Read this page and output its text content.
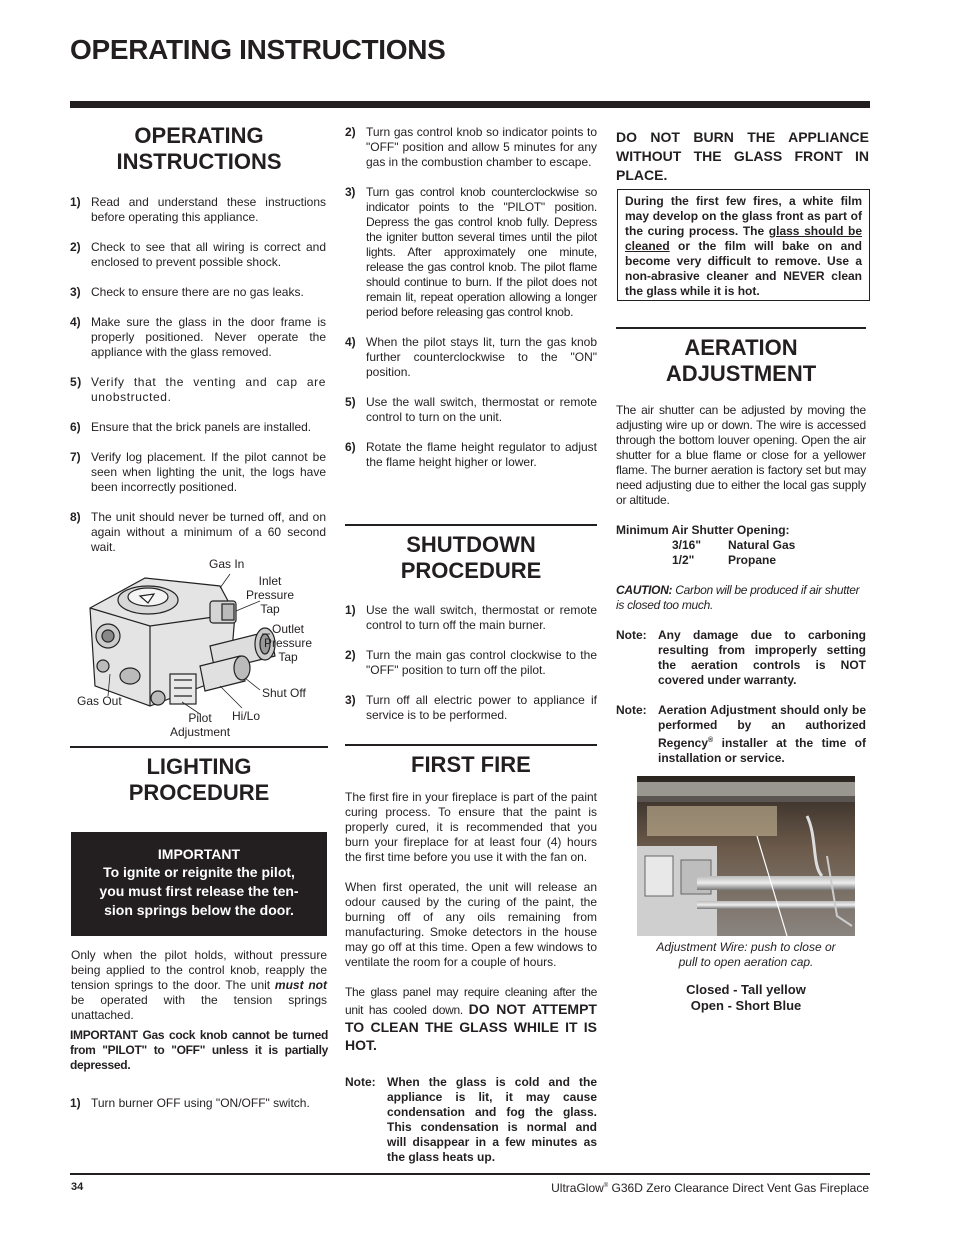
OPERATING INSTRUCTIONS
OPERATING
INSTRUCTIONS
1) Read and understand these instructions before operating this appliance.
2) Check to see that all wiring is correct and enclosed to prevent possible shock.
3) Check to ensure there are no gas leaks.
4) Make sure the glass in the door frame is properly positioned. Never operate the appliance with the glass removed.
5) Verify that the venting and cap are unobstructed.
6) Ensure that the brick panels are installed.
7) Verify log placement. If the pilot cannot be seen when lighting the unit, the logs have been incorrectly positioned.
8) The unit should never be turned off, and on again without a minimum of a 60 second wait.
Gas In
Inlet
Pressure
Tap
Outlet
Pressure
Tap
Shut Off
Gas Out
Pilot
Adjustment
Hi/Lo
LIGHTING
PROCEDURE
IMPORTANT
To ignite or reignite the pilot,
you must first release the ten-
sion springs below the door.
Only when the pilot holds, without pressure being applied to the control knob, reapply the tension springs to the door. The unit must not be operated with the tension springs unattached.
IMPORTANT Gas cock knob cannot be turned from "PILOT" to "OFF" unless it is partially depressed.
1) Turn burner OFF using "ON/OFF" switch.
2) Turn gas control knob so indicator points to "OFF" position and allow 5 minutes for any gas in the combustion chamber to escape.
3) Turn gas control knob counterclockwise so indicator points to the "PILOT" position. Depress the gas control knob fully. Depress the igniter button several times until the pilot lights. After approximately one minute, release the gas control knob. The pilot flame should continue to burn. If the pilot does not remain lit, repeat operation allowing a longer period before releasing gas control knob.
4) When the pilot stays lit, turn the gas knob further counterclockwise to the "ON" position.
5) Use the wall switch, thermostat or remote control to turn on the unit.
6) Rotate the flame height regulator to adjust the flame height higher or lower.
SHUTDOWN
PROCEDURE
1) Use the wall switch, thermostat or remote control to turn off the main burner.
2) Turn the main gas control clockwise to the "OFF" position to turn off the pilot.
3) Turn off all electric power to appliance if service is to be performed.
FIRST FIRE
The first fire in your fireplace is part of the paint curing process. To ensure that the paint is properly cured, it is recommended that you burn your fireplace for at least four (4) hours the first time before you use it with the fan on.
When first operated, the unit will release an odour caused by the curing of the paint, the burning off of any oils remaining from manufacturing. Smoke detectors in the house may go off at this time. Open a few windows to ventilate the room for a couple of hours.
The glass panel may require cleaning after the unit has cooled down. DO NOT ATTEMPT TO CLEAN THE GLASS WHILE IT IS HOT.
Note: When the glass is cold and the appliance is lit, it may cause condensation and fog the glass. This condensation is normal and will disappear in a few minutes as the glass heats up.
DO NOT BURN THE APPLIANCE WITHOUT THE GLASS FRONT IN PLACE.
During the first few fires, a white film may develop on the glass front as part of the curing process. The glass should be cleaned or the film will bake on and become very difficult to remove. Use a non-abrasive cleaner and NEVER clean the glass while it is hot.
AERATION
ADJUSTMENT
The air shutter can be adjusted by moving the adjusting wire up or down. The wire is accessed through the bottom louver opening. Open the air shutter for a blue flame or close for a yellower flame. The burner aeration is factory set but may need adjusting due to either the local gas supply or altitude.
Minimum Air Shutter Opening:
3/16"	Natural Gas
1/2"	Propane
CAUTION: Carbon will be produced if air shutter is closed too much.
Note: Any damage due to carboning resulting from improperly setting the aeration controls is NOT covered under warranty.
Note: Aeration Adjustment should only be performed by an authorized Regency® installer at the time of installation or service.
Adjustment Wire: push to close or
pull to open aeration cap.
Closed - Tall yellow
Open - Short Blue
34	UltraGlow® G36D Zero Clearance Direct Vent Gas Fireplace
